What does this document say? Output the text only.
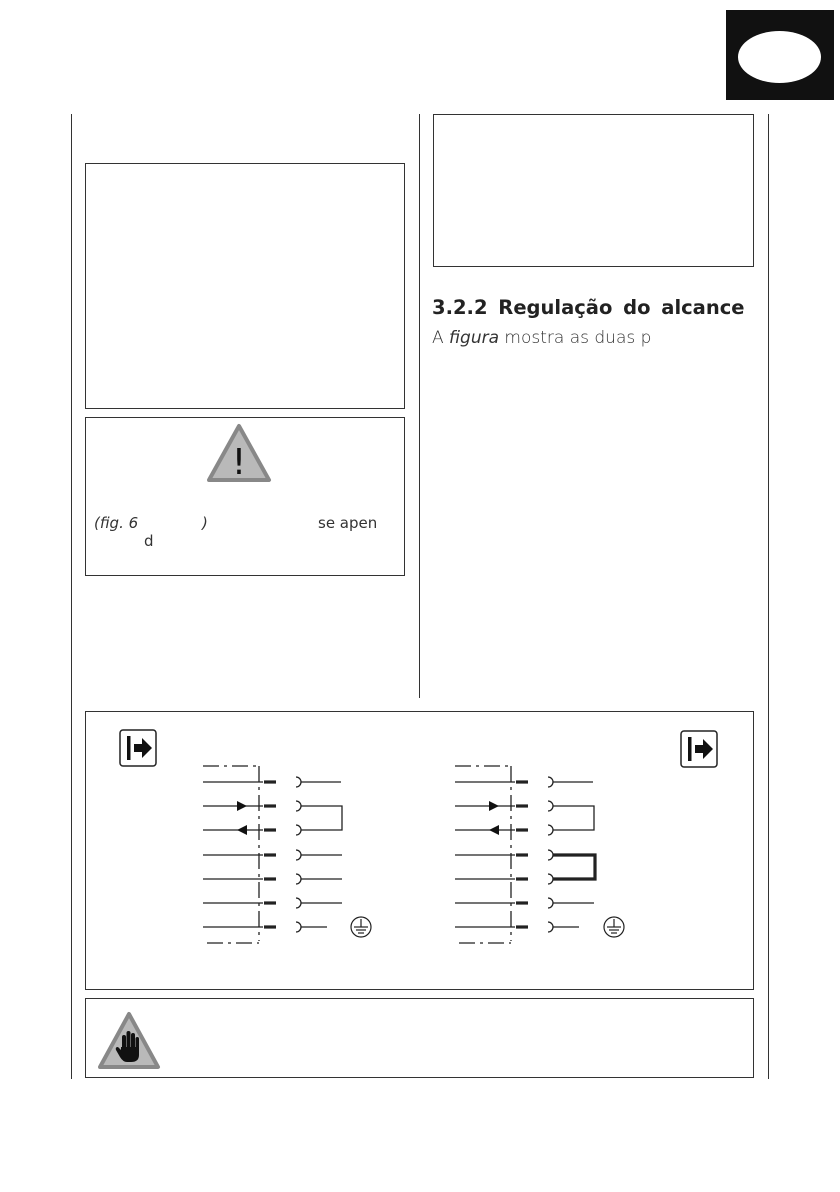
!
(fig. 6	)	se apen
d
3.2.2 Regulação do alcance

A figura mostra as duas p
